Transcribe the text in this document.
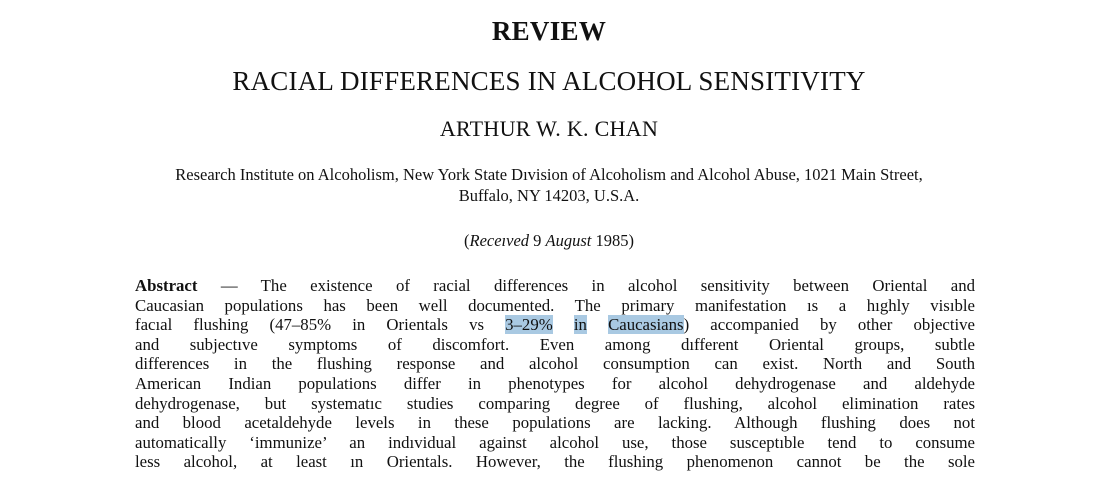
REVIEW
RACIAL DIFFERENCES IN ALCOHOL SENSITIVITY
ARTHUR W. K. CHAN
Research Institute on Alcoholism, New York State Dıvision of Alcoholism and Alcohol Abuse, 1021 Main Street,
Buffalo, NY 14203, U.S.A.
(Receıved 9 August 1985)
Abstract — The existence of racial differences in alcohol sensitivity between Oriental and
Caucasian populations has been well documented. The primary manifestation ıs a hıghly visıble
facıal flushing (47–85% in Orientals vs 3–29% in Caucasians) accompanied by other objective
and subjectıve symptoms of discomfort. Even among dıfferent Oriental groups, subtle
differences in the flushing response and alcohol consumption can exist. North and South
American Indian populations differ in phenotypes for alcohol dehydrogenase and aldehyde
dehydrogenase, but systematıc studies comparing degree of flushing, alcohol elimination rates
and blood acetaldehyde levels in these populations are lacking. Although flushing does not
automatically ‘immunize’ an indıvidual against alcohol use, those susceptıble tend to consume
less alcohol, at least ın Orientals. However, the flushing phenomenon cannot be the sole
